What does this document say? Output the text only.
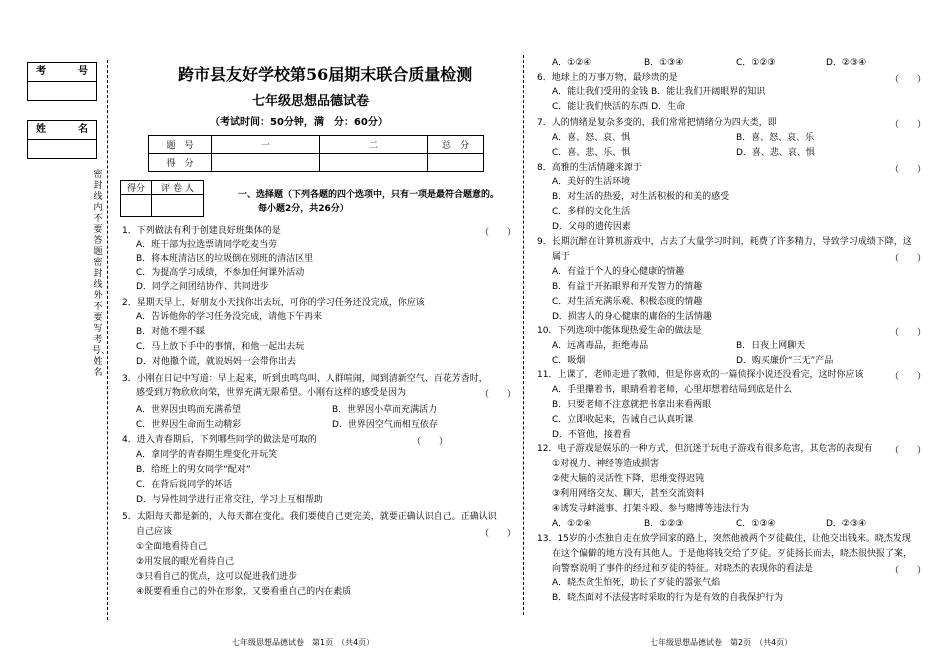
考	号
姓	名
密封线内不要答题 密封线外不要写考号、姓名
跨市县友好学校第56届期末联合质量检测
七年级思想品德试卷
（考试时间：50分钟，满　分：60分）
题　号	一	二	总　分
得　分			
得分	评 卷 人

一、选择题（下列各题的四个选项中，只有一项是最符合题意的。
每小题2分，共26分）
1．下列做法有利于创建良好班集体的是	（　　）
A．班干部为拉选票请同学吃麦当劳
B．将本班清洁区的垃圾倒在别班的清洁区里
C．为提高学习成绩，不参加任何课外活动
D．同学之间团结协作、共同进步
2．星期天早上，好朋友小天找你出去玩，可你的学习任务还没完成，你应该
A．告诉他你的学习任务没完成，请他下午再来
B．对他不理不睬
C．马上放下手中的事情，和他一起出去玩
D．对他撒个谎，就说妈妈一会带你出去
3．小刚在日记中写道：早上起来，听到虫鸣鸟叫、人群喧闹，闻到清新空气、百花芳香时，
感受到万物欣欣向荣，世界充满无限希望。小刚有这样的感受是因为	（　　）
A．世界因虫鸣而充满希望	B．世界因小草而充满活力
C．世界因生命而生动精彩	D．世界因空气而相互依存
4．进入青春期后，下列哪些同学的做法是可取的	（　　）
A．拿同学的青春期生理变化开玩笑
B．给班上的男女同学“配对”
C．在背后说同学的坏话
D．与异性同学进行正常交往，学习上互相帮助
5．太阳每天都是新的，人每天都在变化。我们要使自己更完美，就要正确认识自己。正确认识
自己应该	（　　）
①全面地看待自己
②用发展的眼光看待自己
③只看自己的优点，这可以促进我们进步
④既要看重自己的外在形象，又要看重自己的内在素质
A．①②④	B．①③④	C．①②③	D．②③④
6．地球上的万事万物，最珍贵的是	（　　）
A．能让我们受用的金钱 B．能让我们开阔眼界的知识
C．能让我们快活的东西 D．生命
7．人的情绪是复杂多变的，我们常常把情绪分为四大类，即	（　　）
A．喜、怒、哀、惧	B．喜、怒、哀、乐
C．喜、悲、乐、惧	D．喜、悲、哀、惧
8．高雅的生活情趣来源于	（　　）
A．美好的生活环境
B．对生活的热爱，对生活积极的和美的感受
C．多样的文化生活
D．父母的遗传因素
9．长期沉醉在计算机游戏中，占去了大量学习时间，耗费了许多精力，导致学习成绩下降，这
属于	（　　）
A．有益于个人的身心健康的情趣
B．有益于开拓眼界和开发智力的情趣
C．对生活充满乐观、积极态度的情趣
D．损害人的身心健康的庸俗的生活情趣
10．下列选项中能体现热爱生命的做法是	（　　）
A．远离毒品，拒绝毒品	B．日夜上网聊天
C．吸烟	D．购买廉价“三无”产品
11．上课了，老师走进了教师，但是你喜欢的一篇侦探小说还没看完，这时你应该	（　　）
A．手里攥着书，眼睛看着老师，心里却想着结局到底是什么
B．只要老师不注意就把书拿出来看两眼
C．立即收起来，告诫自己认真听课
D．不管他，接着看
12．电子游戏是娱乐的一种方式，但沉迷于玩电子游戏有很多危害，其危害的表现有 （　　）
①对视力、神经等造成损害
②使大脑的灵活性下降，思维变得迟钝
③利用网络交友、聊天，甚至交流资料
④诱发寻衅滋事、打架斗殴、参与赌博等违法行为
A．①②④	B．①②③	C．①③④	D．②③④
13．15岁的小杰独自走在放学回家的路上，突然他被两个歹徒截住，让他交出钱来。晓杰发现
在这个偏僻的地方没有其他人。于是他将钱交给了歹徒。歹徒扬长而去，晓杰很快报了案，
向警察说明了事件的经过和歹徒的特征。对晓杰的表现你的看法是	（　　）
A．晓杰贪生怕死，助长了歹徒的嚣张气焰
B．晓杰面对不法侵害时采取的行为是有效的自我保护行为
七年级思想品德试卷　第1页　（共4页）	七年级思想品德试卷　第2页　（共4页）
